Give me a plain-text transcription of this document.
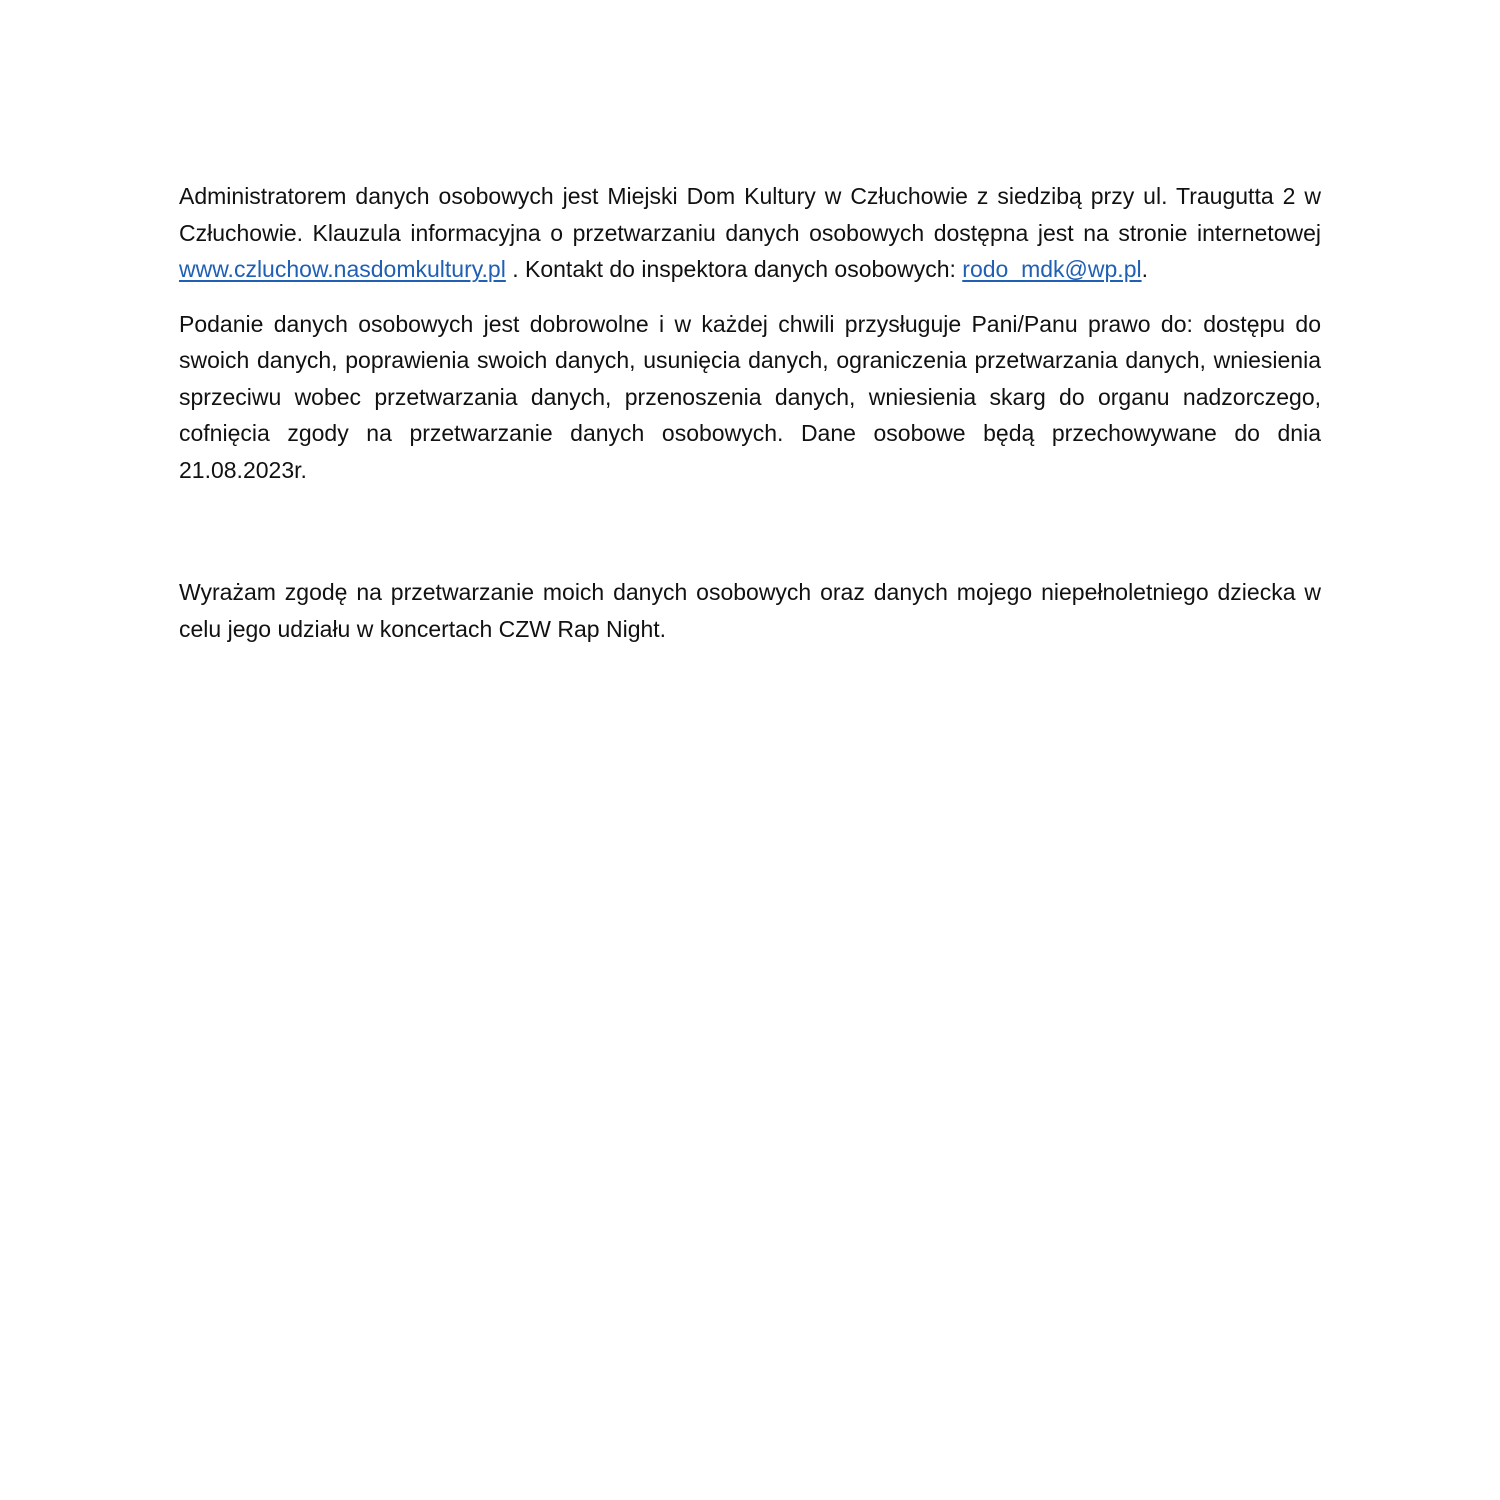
Administratorem danych osobowych jest Miejski Dom Kultury w Człuchowie z siedzibą przy ul. Traugutta 2 w Człuchowie. Klauzula informacyjna o przetwarzaniu danych osobowych dostępna jest na stronie internetowej www.czluchow.nasdomkultury.pl . Kontakt do inspektora danych osobowych: rodo_mdk@wp.pl.

Podanie danych osobowych jest dobrowolne i w każdej chwili przysługuje Pani/Panu prawo do: dostępu do swoich danych, poprawienia swoich danych, usunięcia danych, ograniczenia przetwarzania danych, wniesienia sprzeciwu wobec przetwarzania danych, przenoszenia danych, wniesienia skarg do organu nadzorczego, cofnięcia zgody na przetwarzanie danych osobowych. Dane osobowe będą przechowywane do dnia 21.08.2023r.

Wyrażam zgodę na przetwarzanie moich danych osobowych oraz danych mojego niepełnoletniego dziecka w celu jego udziału w koncertach CZW Rap Night.
